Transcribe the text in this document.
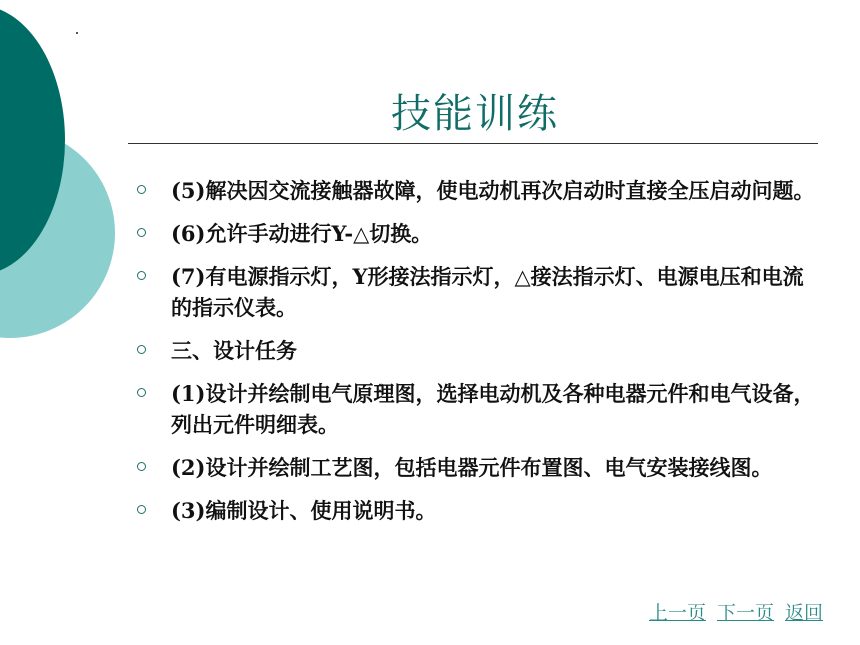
技能训练
(5)解决因交流接触器故障，使电动机再次启动时直接全压启动问题。
(6)允许手动进行Y-△切换。
(7)有电源指示灯，Y形接法指示灯，△接法指示灯、电源电压和电流的指示仪表。
三、设计任务
(1)设计并绘制电气原理图，选择电动机及各种电器元件和电气设备，列出元件明细表。
(2)设计并绘制工艺图，包括电器元件布置图、电气安装接线图。
(3)编制设计、使用说明书。
上一页 下一页 返回
